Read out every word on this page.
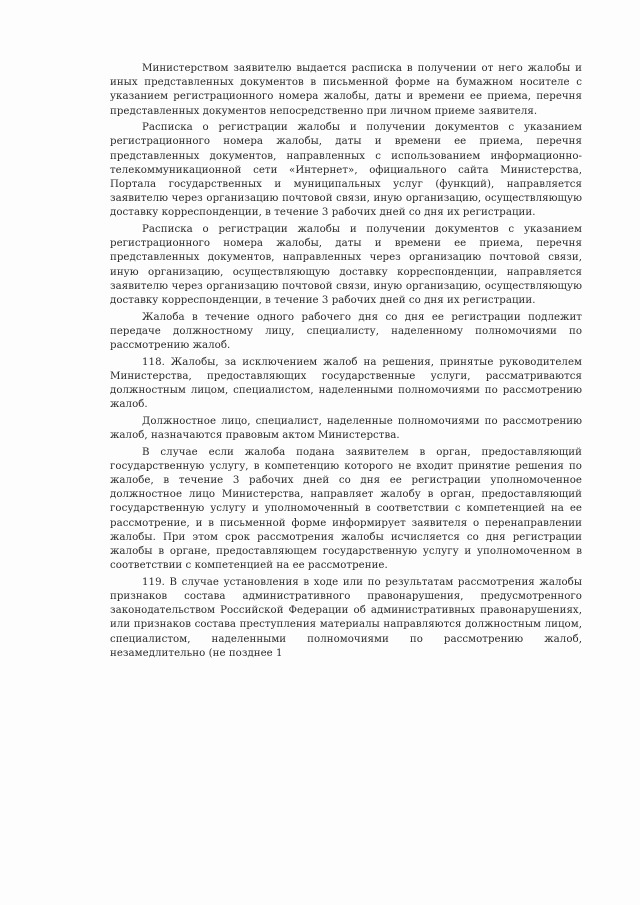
Министерством заявителю выдается расписка в получении от него жалобы и иных представленных документов в письменной форме на бумажном носителе с указанием регистрационного номера жалобы, даты и времени ее приема, перечня представленных документов непосредственно при личном приеме заявителя.

Расписка о регистрации жалобы и получении документов с указанием регистрационного номера жалобы, даты и времени ее приема, перечня представленных документов, направленных с использованием информационно-телекоммуникационной сети «Интернет», официального сайта Министерства, Портала государственных и муниципальных услуг (функций), направляется заявителю через организацию почтовой связи, иную организацию, осуществляющую доставку корреспонденции, в течение 3 рабочих дней со дня их регистрации.

Расписка о регистрации жалобы и получении документов с указанием регистрационного номера жалобы, даты и времени ее приема, перечня представленных документов, направленных через организацию почтовой связи, иную организацию, осуществляющую доставку корреспонденции, направляется заявителю через организацию почтовой связи, иную организацию, осуществляющую доставку корреспонденции, в течение 3 рабочих дней со дня их регистрации.

Жалоба в течение одного рабочего дня со дня ее регистрации подлежит передаче должностному лицу, специалисту, наделенному полномочиями по рассмотрению жалоб.

118. Жалобы, за исключением жалоб на решения, принятые руководителем Министерства, предоставляющих государственные услуги, рассматриваются должностным лицом, специалистом, наделенными полномочиями по рассмотрению жалоб.

Должностное лицо, специалист, наделенные полномочиями по рассмотрению жалоб, назначаются правовым актом Министерства.

В случае если жалоба подана заявителем в орган, предоставляющий государственную услугу, в компетенцию которого не входит принятие решения по жалобе, в течение 3 рабочих дней со дня ее регистрации уполномоченное должностное лицо Министерства, направляет жалобу в орган, предоставляющий государственную услугу и уполномоченный в соответствии с компетенцией на ее рассмотрение, и в письменной форме информирует заявителя о перенаправлении жалобы. При этом срок рассмотрения жалобы исчисляется со дня регистрации жалобы в органе, предоставляющем государственную услугу и уполномоченном в соответствии с компетенцией на ее рассмотрение.

119. В случае установления в ходе или по результатам рассмотрения жалобы признаков состава административного правонарушения, предусмотренного законодательством Российской Федерации об административных правонарушениях, или признаков состава преступления материалы направляются должностным лицом, специалистом, наделенными полномочиями по рассмотрению жалоб, незамедлительно (не позднее 1
